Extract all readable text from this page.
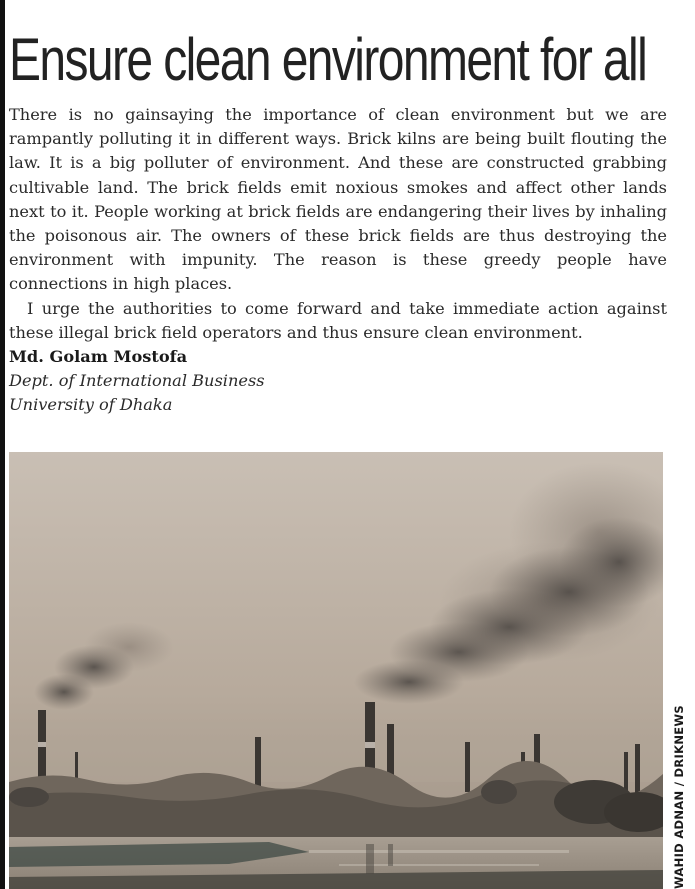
Ensure clean environment for all

There is no gainsaying the importance of clean environment but we are rampantly polluting it in different ways. Brick kilns are being built flouting the law. It is a big polluter of environment. And these are constructed grabbing cultivable land. The brick fields emit noxious smokes and affect other lands next to it. People working at brick fields are endangering their lives by inhaling the poisonous air. The owners of these brick fields are thus destroying the environment with impunity. The reason is these greedy people have connections in high places.

I urge the authorities to come forward and take immediate action against these illegal brick field operators and thus ensure clean environment.

Md. Golam Mostofa

Dept. of International Business

University of Dhaka

WAHID ADNAN / DRIKNEWS
